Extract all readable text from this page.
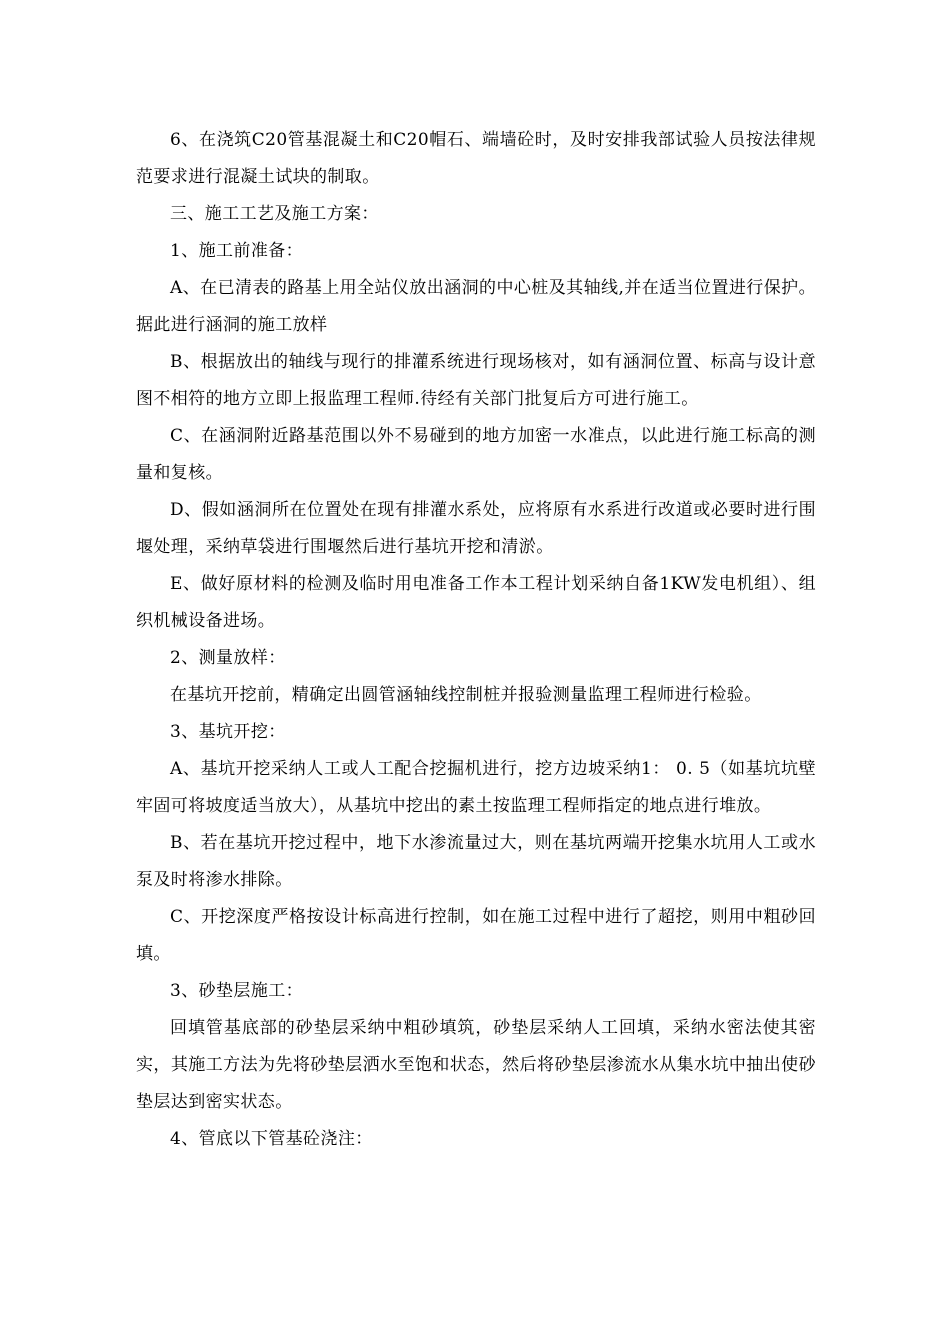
6、在浇筑C20管基混凝土和C20帽石、端墙砼时，及时安排我部试验人员按法律规范要求进行混凝土试块的制取。

三、施工工艺及施工方案：

1、施工前准备：

A、在已清表的路基上用全站仪放出涵洞的中心桩及其轴线,并在适当位置进行保护。据此进行涵洞的施工放样

B、根据放出的轴线与现行的排灌系统进行现场核对，如有涵洞位置、标高与设计意图不相符的地方立即上报监理工程师.待经有关部门批复后方可进行施工。

C、在涵洞附近路基范围以外不易碰到的地方加密一水准点，以此进行施工标高的测量和复核。

D、假如涵洞所在位置处在现有排灌水系处，应将原有水系进行改道或必要时进行围堰处理，采纳草袋进行围堰然后进行基坑开挖和清淤。

E、做好原材料的检测及临时用电准备工作本工程计划采纳自备1KW发电机组）、组织机械设备进场。

2、测量放样：

在基坑开挖前，精确定出圆管涵轴线控制桩并报验测量监理工程师进行检验。

3、基坑开挖：

A、基坑开挖采纳人工或人工配合挖掘机进行，挖方边坡采纳1： 0. 5（如基坑坑壁牢固可将坡度适当放大），从基坑中挖出的素土按监理工程师指定的地点进行堆放。

B、若在基坑开挖过程中，地下水渗流量过大，则在基坑两端开挖集水坑用人工或水泵及时将渗水排除。

C、开挖深度严格按设计标高进行控制，如在施工过程中进行了超挖，则用中粗砂回填。

3、砂垫层施工：

回填管基底部的砂垫层采纳中粗砂填筑，砂垫层采纳人工回填，采纳水密法使其密实，其施工方法为先将砂垫层洒水至饱和状态，然后将砂垫层渗流水从集水坑中抽出使砂垫层达到密实状态。

4、管底以下管基砼浇注：
